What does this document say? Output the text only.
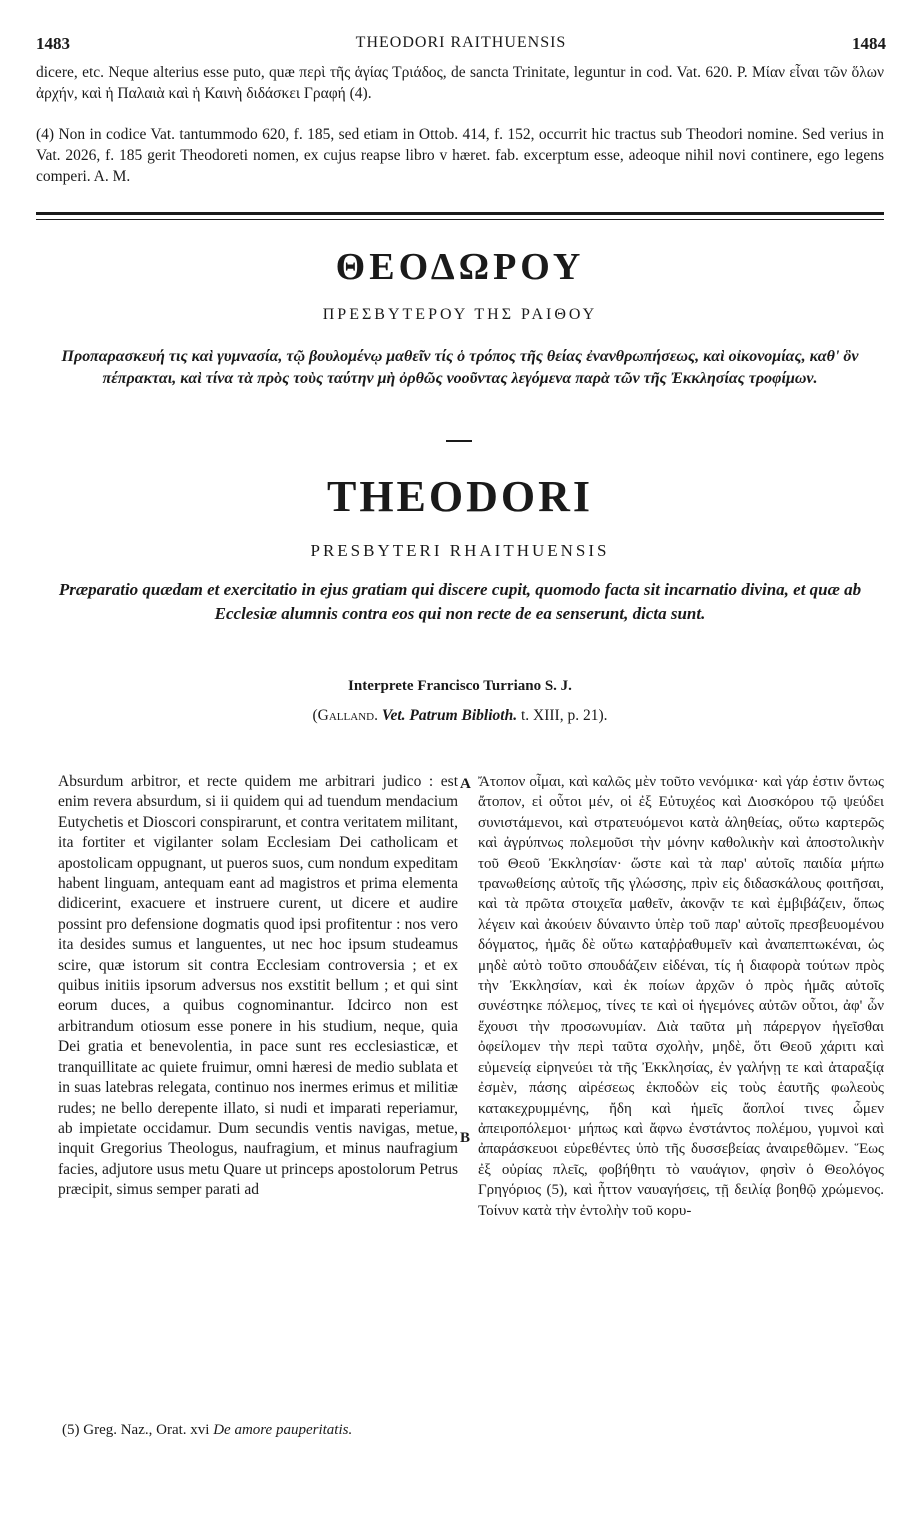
1483	THEODORI RAITHUENSIS	1484
dicere, etc. Neque alterius esse puto, quæ περὶ τῆς ἁγίας Τριάδος, de sancta Trinitate, leguntur in cod. Vat. 620. P. Μίαν εἶναι τῶν ὅλων ἀρχήν, καὶ ἡ Παλαιὰ καὶ ἡ Καινὴ διδάσκει Γραφή (4).
(4) Non in codice Vat. tantummodo 620, f. 185, sed etiam in Ottob. 414, f. 152, occurrit hic tractus sub Theodori nomine. Sed verius in Vat. 2026, f. 185 gerit Theodoreti nomen, ex cujus reapse libro v hæret. fab. excerptum esse, adeoque nihil novi continere, ego legens comperi. A. M.
ΘΕΟΔΩΡΟΥ
ΠΡΕΣΒΥΤΕΡΟΥ ΤΗΣ ΡΑΙΘΟΥ
Προπαρασκευή τις καὶ γυμνασία, τῷ βουλομένῳ μαθεῖν τίς ὁ τρόπος τῆς θείας ἐνανθρωπήσεως, καὶ οἰκονομίας, καθ' ὃν πέπρακται, καὶ τίνα τὰ πρὸς τοὺς ταύτην μὴ ὀρθῶς νοοῦντας λεγόμενα παρὰ τῶν τῆς Ἐκκλησίας τροφίμων.
THEODORI
PRESBYTERI RHAITHUENSIS
Præparatio quædam et exercitatio in ejus gratiam qui discere cupit, quomodo facta sit incarnatio divina, et quæ ab Ecclesiæ alumnis contra eos qui non recte de ea senserunt, dicta sunt.
Interprete Francisco Turriano S. J.
(Galland. Vet. Patrum Biblioth. t. XIII, p. 21).
Absurdum arbitror, et recte quidem me arbitrari judico : est enim revera absurdum, si ii quidem qui ad tuendum mendacium Eutychetis et Dioscori conspirarunt, et contra veritatem militant, ita fortiter et vigilanter solam Ecclesiam Dei catholicam et apostolicam oppugnant, ut pueros suos, cum nondum expeditam habent linguam, antequam eant ad magistros et prima elementa didicerint, exacuere et instruere curent, ut dicere et audire possint pro defensione dogmatis quod ipsi profitentur : nos vero ita desides sumus et languentes, ut nec hoc ipsum studeamus scire, quæ istorum sit contra Ecclesiam controversia ; et ex quibus initiis ipsorum adversus nos exstitit bellum ; et qui sint eorum duces, a quibus cognominantur. Idcirco non est arbitrandum otiosum esse ponere in his studium, neque, quia Dei gratia et benevolentia, in pace sunt res ecclesiasticæ, et tranquillitate ac quiete fruimur, omni hæresi de medio sublata et in suas latebras relegata, continuo nos inermes erimus et militiæ rudes; ne bello derepente illato, si nudi et imparati reperiamur, ab impietate occidamur. Dum secundis ventis navigas, metue, inquit Gregorius Theologus, naufragium, et minus naufragium facies, adjutore usus metu Quare ut princeps apostolorum Petrus præcipit, simus semper parati ad
A
B
Ἄτοπον οἶμαι, καὶ καλῶς μὲν τοῦτο νενόμικα· καὶ γάρ ἐστιν ὄντως ἄτοπον, εἰ οὗτοι μέν, οἱ ἐξ Εὐτυχέος καὶ Διοσκόρου τῷ ψεύδει συνιστάμενοι, καὶ στρατευόμενοι κατὰ ἀληθείας, οὕτω καρτερῶς καὶ ἀγρύπνως πολεμοῦσι τὴν μόνην καθολικὴν καὶ ἀποστολικὴν τοῦ Θεοῦ Ἐκκλησίαν· ὥστε καὶ τὰ παρ' αὐτοῖς παιδία μήπω τρανωθείσης αὐτοῖς τῆς γλώσσης, πρὶν εἰς διδασκάλους φοιτῆσαι, καὶ τὰ πρῶτα στοιχεῖα μαθεῖν, ἀκονᾷν τε καὶ ἐμβιβάζειν, ὅπως λέγειν καὶ ἀκούειν δύναιντο ὑπὲρ τοῦ παρ' αὐτοῖς πρεσβευομένου δόγματος, ἡμᾶς δὲ οὕτω καταῤῥαθυμεῖν καὶ ἀναπεπτωκέναι, ὡς μηδὲ αὐτὸ τοῦτο σπουδάζειν εἰδέναι, τίς ἡ διαφορὰ τούτων πρὸς τὴν Ἐκκλησίαν, καὶ ἐκ ποίων ἀρχῶν ὁ πρὸς ἡμᾶς αὐτοῖς συνέστηκε πόλεμος, τίνες τε καὶ οἱ ἡγεμόνες αὐτῶν οὗτοι, ἀφ' ὧν ἔχουσι τὴν προσωνυμίαν. Διὰ ταῦτα μὴ πάρεργον ἡγεῖσθαι ὀφείλομεν τὴν περὶ ταῦτα σχολὴν, μηδὲ, ὅτι Θεοῦ χάριτι καὶ εὐμενείᾳ εἰρηνεύει τὰ τῆς Ἐκκλησίας, ἐν γαλήνῃ τε καὶ ἀταραξίᾳ ἐσμὲν, πάσης αἱρέσεως ἐκποδὼν εἰς τοὺς ἑαυτῆς φωλεοὺς κατακεχρυμμένης, ἤδη καὶ ἡμεῖς ἄοπλοί τινες ὦμεν ἀπειροπόλεμοι· μήπως καὶ ἄφνω ἐνστάντος πολέμου, γυμνοὶ καὶ ἀπαράσκευοι εὑρεθέντες ὑπὸ τῆς δυσσεβείας ἀναιρεθῶμεν. Ἕως ἐξ οὐρίας πλεῖς, φοβήθητι τὸ ναυάγιον, φησὶν ὁ Θεολόγος Γρηγόριος (5), καὶ ἧττον ναυαγήσεις, τῇ δειλίᾳ βοηθῷ χρώμενος. Τοίνυν κατὰ τὴν ἐντολὴν τοῦ κορυ-
(5) Greg. Naz., Orat. xvi De amore pauperitatis.
